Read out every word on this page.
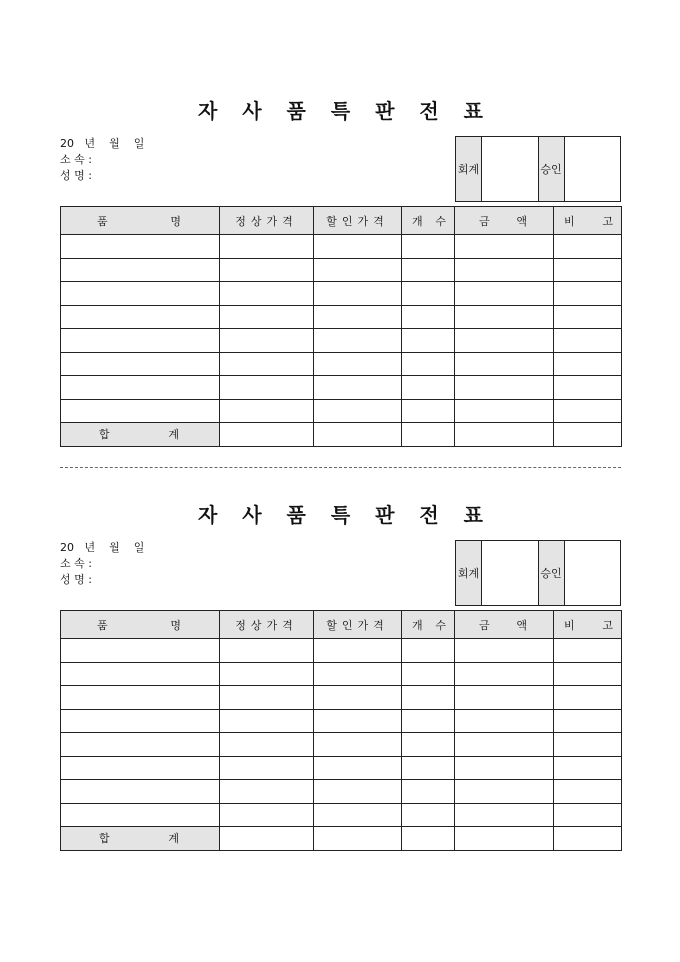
자 사 품 특 판 전 표
20   년    월    일
소 속 :
성 명 :	회계	승인
품 명	정상가격	할인가격	개 수	금 액	비 고

합 계					

자 사 품 특 판 전 표
20   년    월    일
소 속 :
성 명 :	회계	승인
품 명	정상가격	할인가격	개 수	금 액	비 고

합 계					
